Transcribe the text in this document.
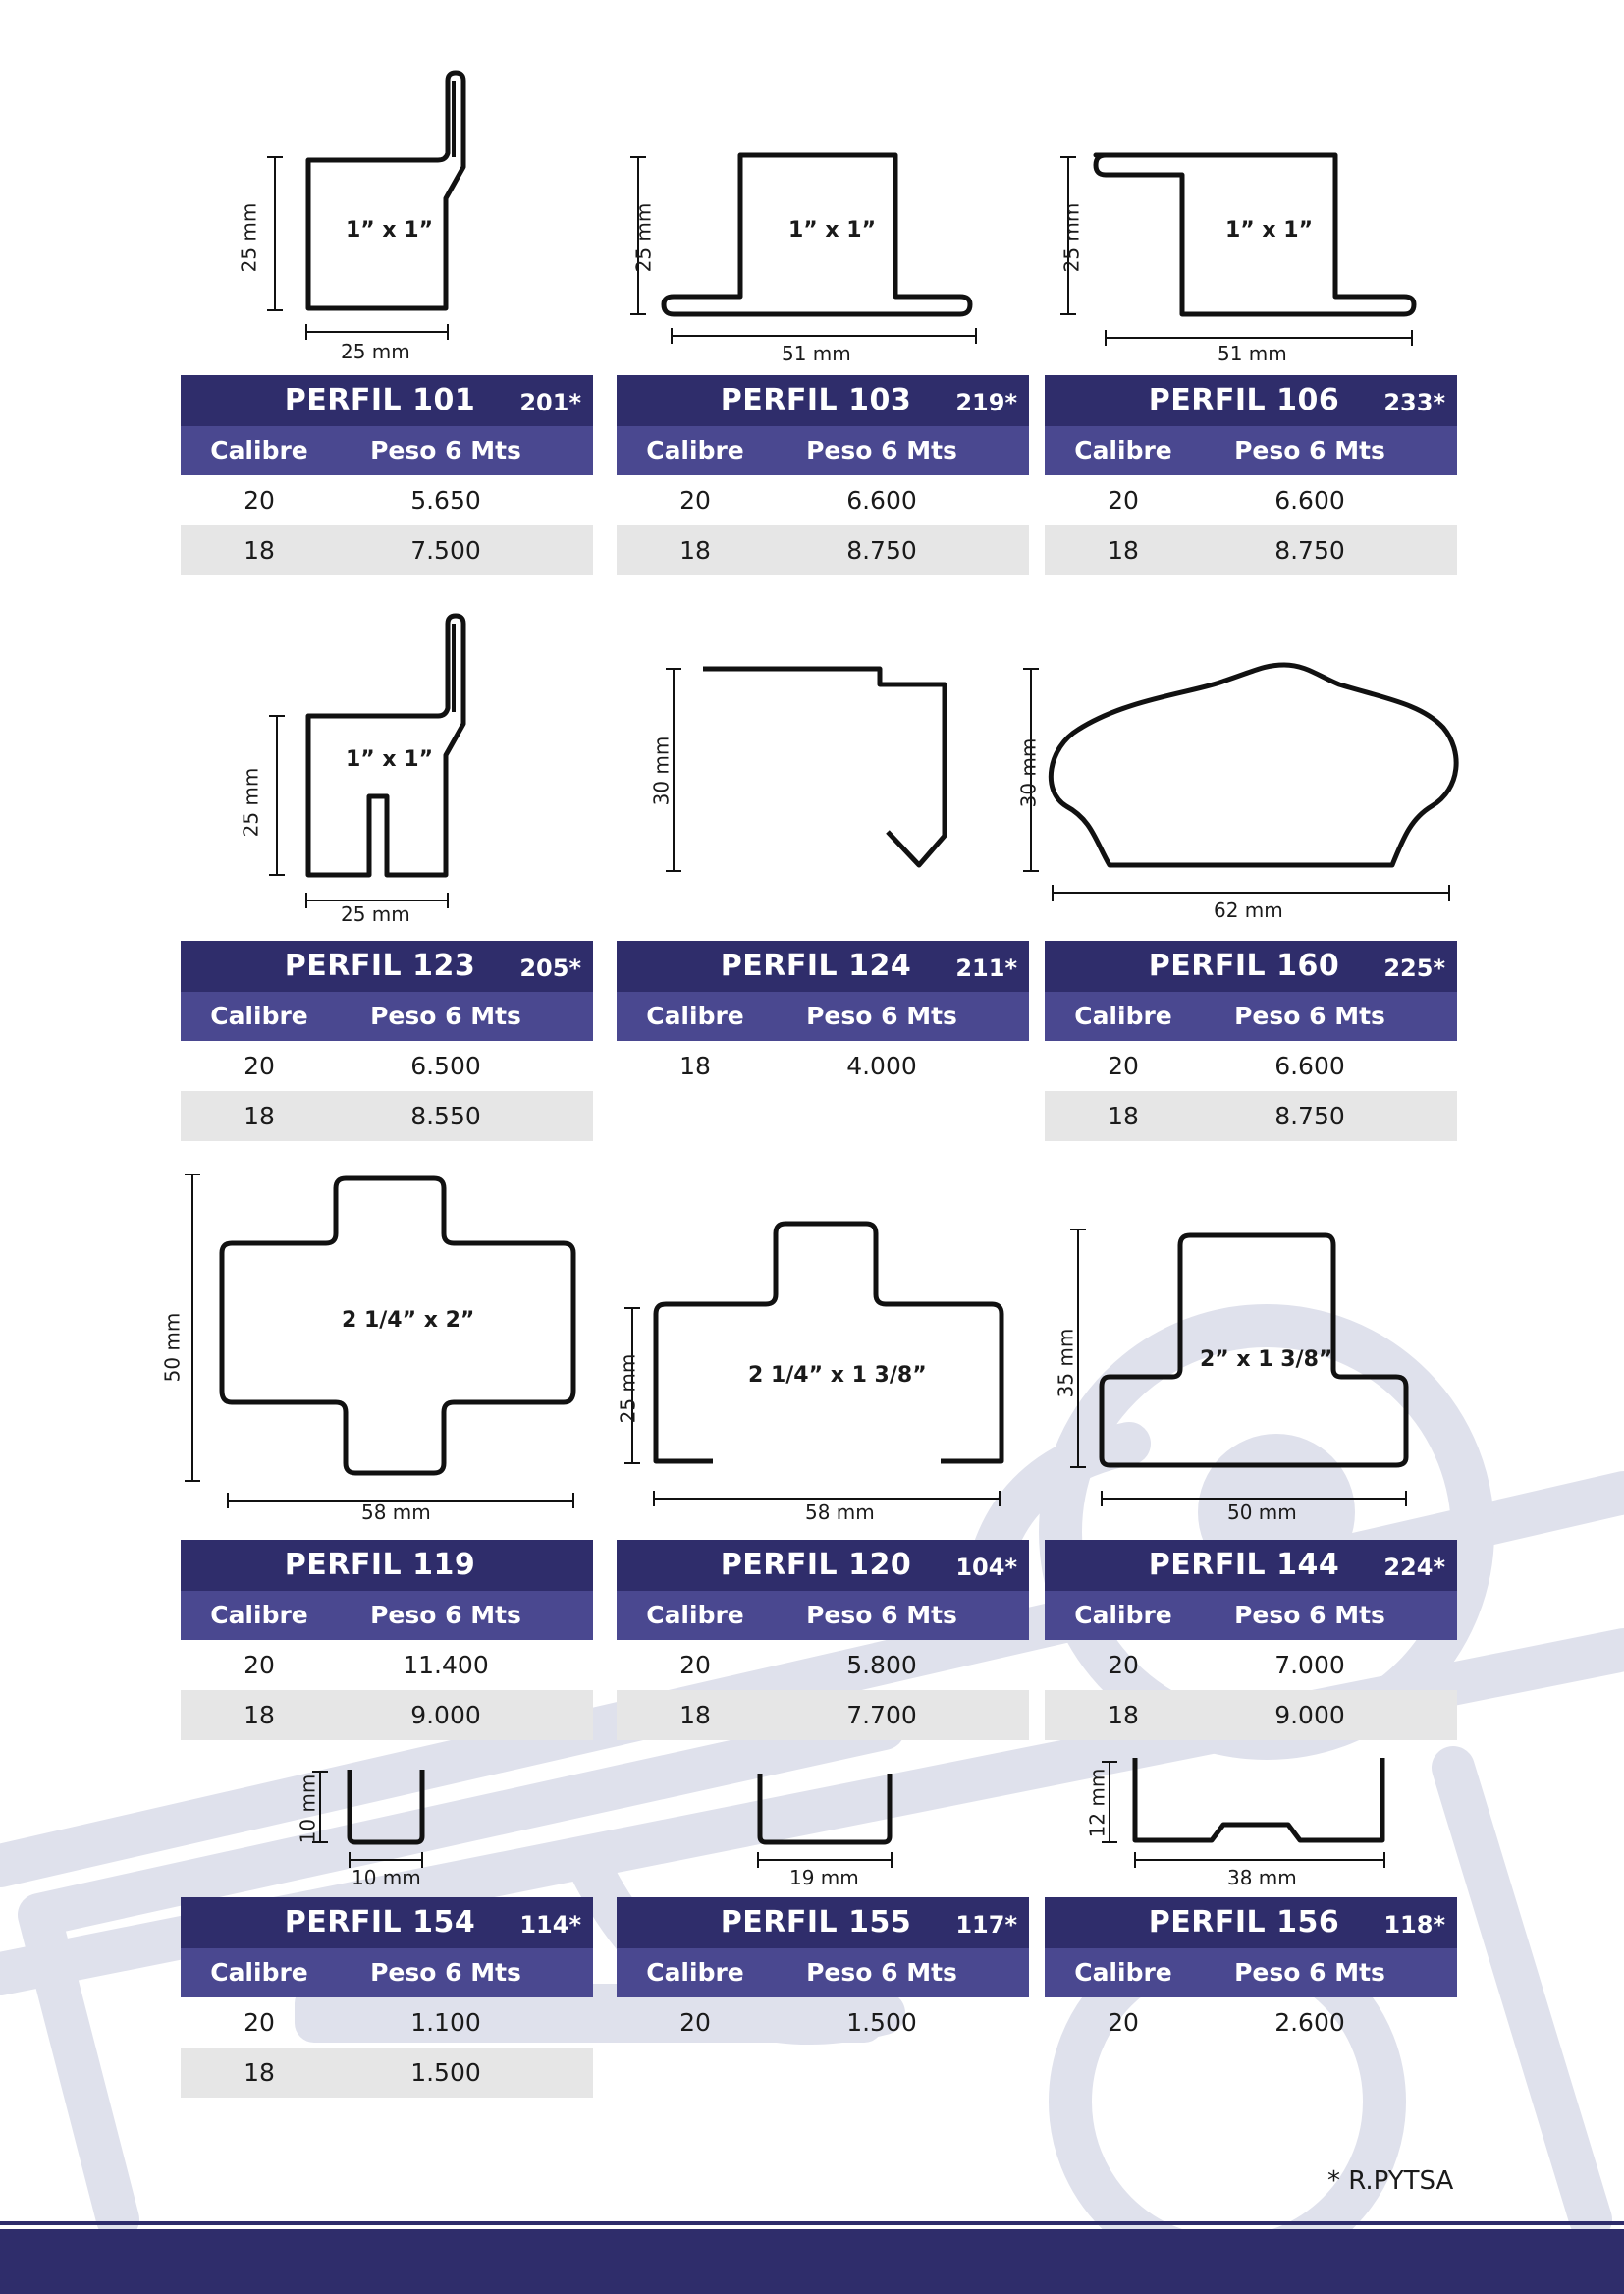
25 mm
25 mm
1” x 1”	25 mm
51 mm
1” x 1”	25 mm
51 mm
1” x 1”
PERFIL 101	201*
Calibre	Peso 6 Mts
20	5.650
18	7.500
PERFIL 103	219*
Calibre	Peso 6 Mts
20	6.600
18	8.750
PERFIL 106	233*
Calibre	Peso 6 Mts
20	6.600
18	8.750
25 mm
25 mm
1” x 1”	30 mm	30 mm
62 mm
PERFIL 123	205*
Calibre	Peso 6 Mts
20	6.500
18	8.550
PERFIL 124	211*
Calibre	Peso 6 Mts
18	4.000
PERFIL 160	225*
Calibre	Peso 6 Mts
20	6.600
18	8.750
50 mm
58 mm
2 1/4” x 2”
25 mm
58 mm
2 1/4” x 1 3/8”	35 mm
50 mm
2” x 1 3/8”
PERFIL 119
Calibre	Peso 6 Mts
20	11.400
18	9.000
PERFIL 120	104*
Calibre	Peso 6 Mts
20	5.800
18	7.700
PERFIL 144	224*
Calibre	Peso 6 Mts
20	7.000
18	9.000
10 mm
10 mm	19 mm
12 mm
38 mm
PERFIL 154	114*
Calibre	Peso 6 Mts
20	1.100
18	1.500
PERFIL 155	117*
Calibre	Peso 6 Mts
20	1.500
PERFIL 156	118*
Calibre	Peso 6 Mts
20	2.600
* R.PYTSA
